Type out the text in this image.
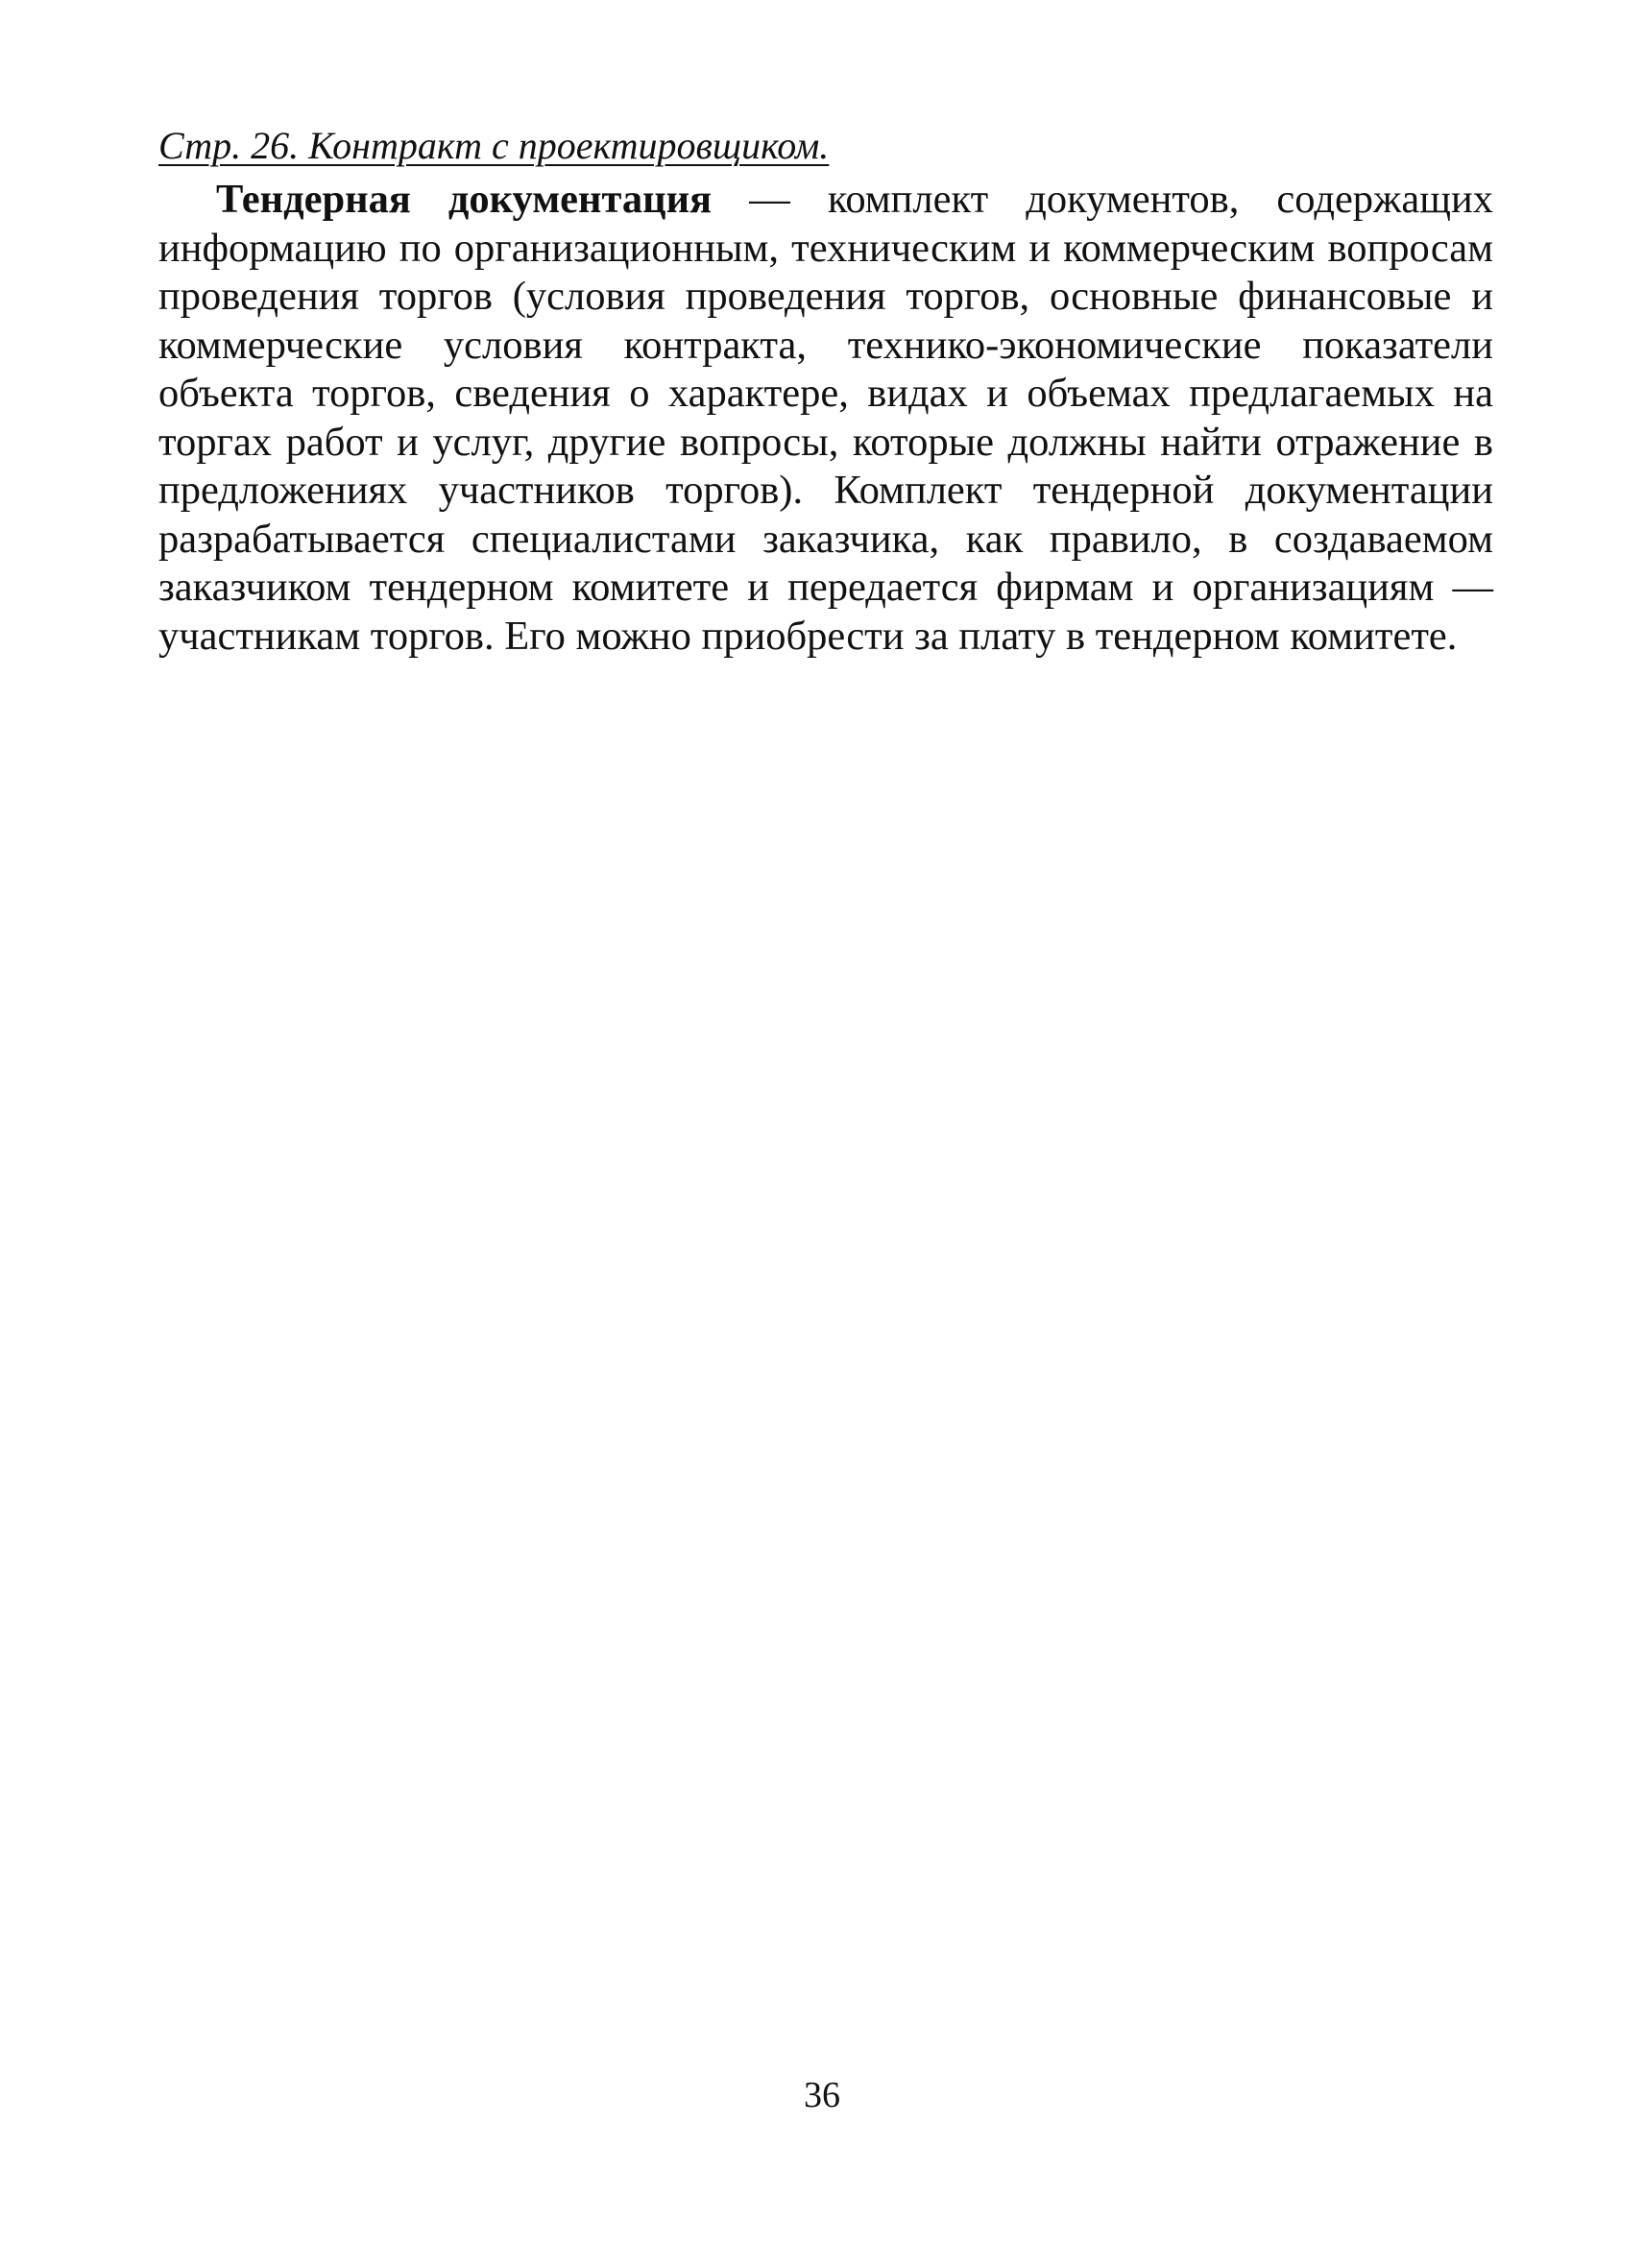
Стр. 26. Контракт с проектировщиком.

Тендерная документация — комплект документов, содержащих информацию по организационным, техническим и коммерческим вопросам проведения торгов (условия проведения торгов, основные финансовые и коммерческие условия контракта, технико-экономические показатели объекта торгов, сведения о характере, видах и объемах предлагаемых на торгах работ и услуг, другие вопросы, которые должны найти отражение в предложениях участников торгов). Комплект тендерной документации разрабатывается специалистами заказчика, как правило, в создаваемом заказчиком тендерном комитете и передается фирмам и организациям — участникам торгов. Его можно приобрести за плату в тендерном комитете.

36
